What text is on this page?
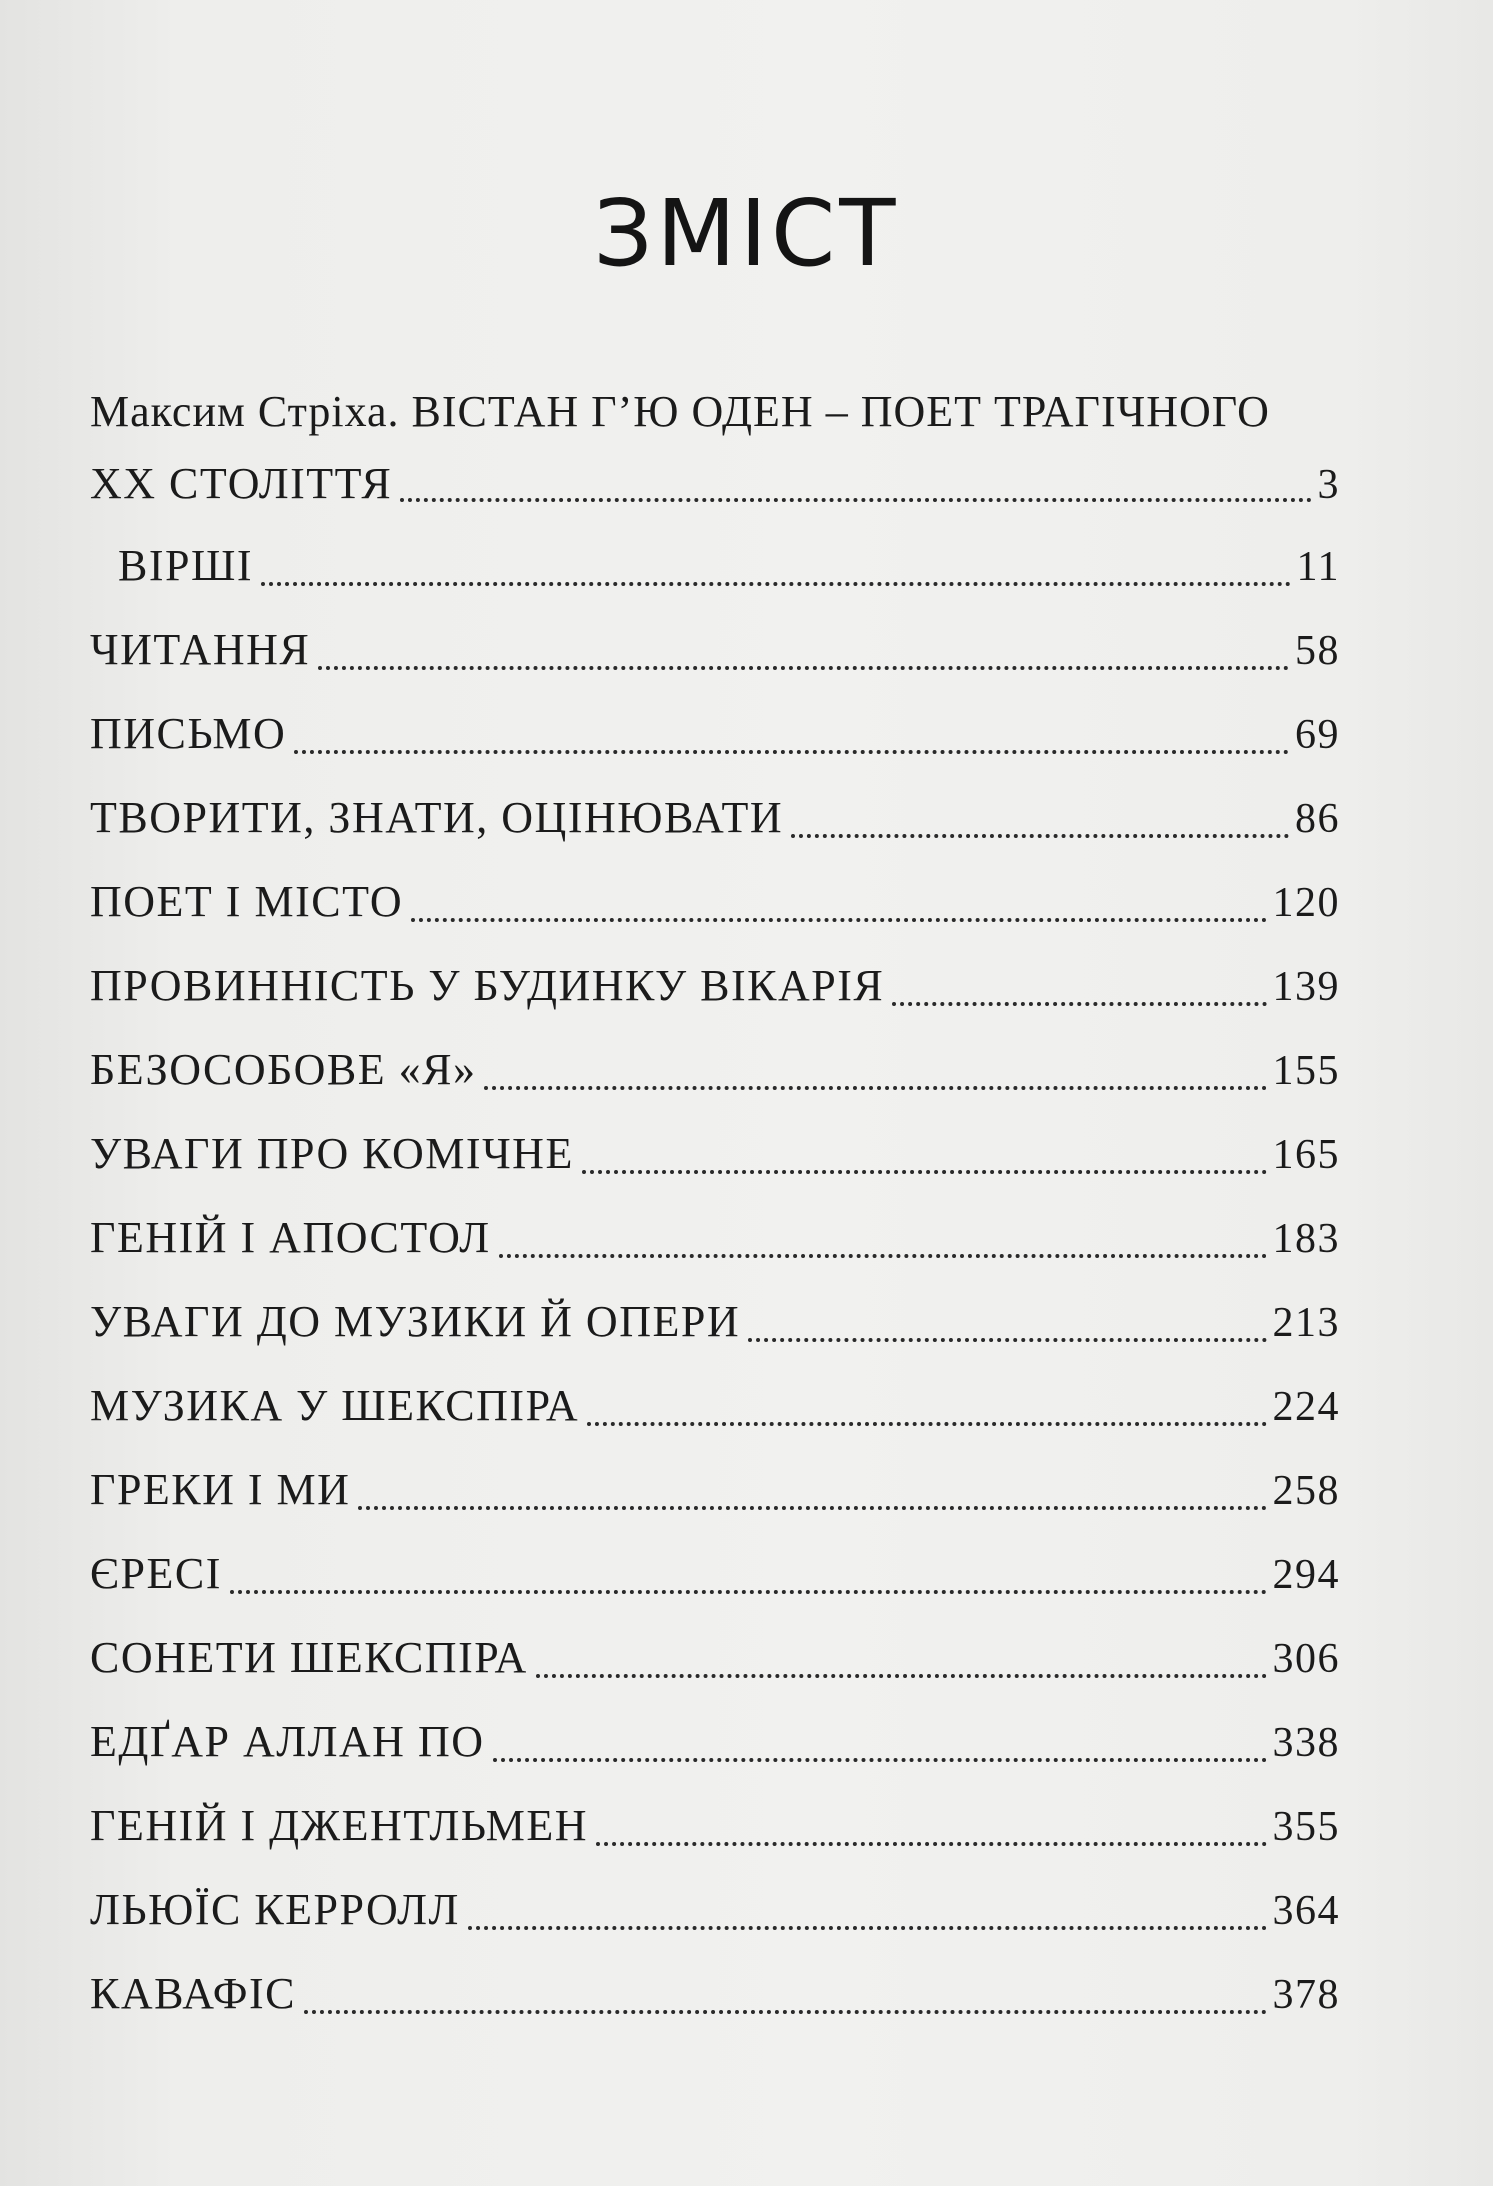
ЗМІСТ
Максим Стріха. ВІСТАН Г’Ю ОДЕН – ПОЕТ ТРАГІЧНОГО
ХХ СТОЛІТТЯ	3
ВІРШІ	11
ЧИТАННЯ	58
ПИСЬМО	69
ТВОРИТИ, ЗНАТИ, ОЦІНЮВАТИ	86
ПОЕТ І МІСТО	120
ПРОВИННІСТЬ У БУДИНКУ ВІКАРІЯ	139
БЕЗОСОБОВЕ «Я»	155
УВАГИ ПРО КОМІЧНЕ	165
ГЕНІЙ І АПОСТОЛ	183
УВАГИ ДО МУЗИКИ Й ОПЕРИ	213
МУЗИКА У ШЕКСПІРА	224
ГРЕКИ І МИ	258
ЄРЕСІ	294
СОНЕТИ ШЕКСПІРА	306
ЕДҐАР АЛЛАН ПО	338
ГЕНІЙ І ДЖЕНТЛЬМЕН	355
ЛЬЮЇС КЕРРОЛЛ	364
КАВАФІС	378
